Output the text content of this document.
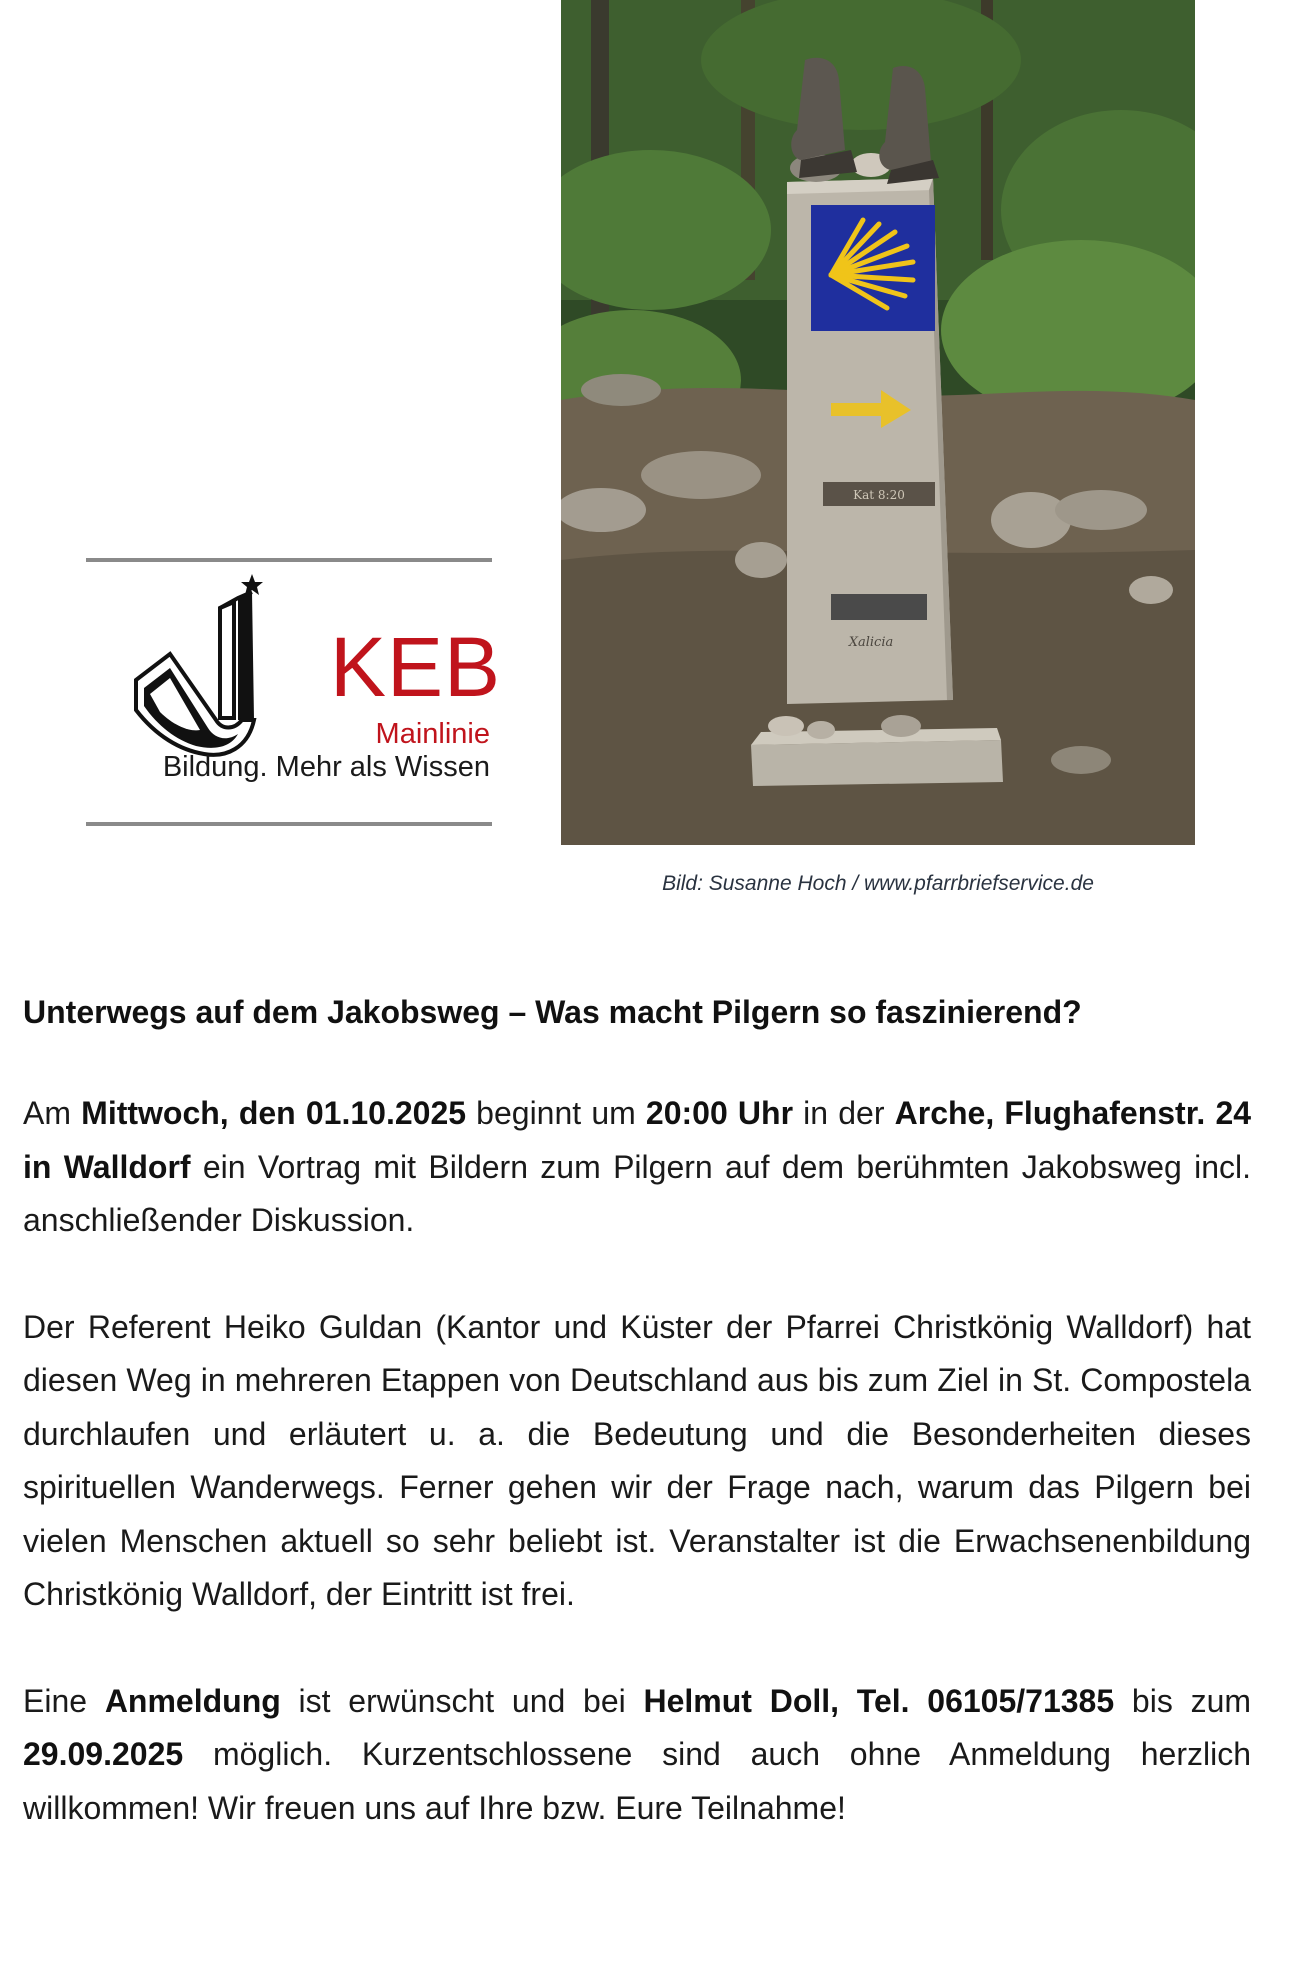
KEB
Mainlinie
Bildung. Mehr als Wissen
Kat 8:20
Xalicia
Bild: Susanne Hoch / www.pfarrbriefservice.de
Unterwegs auf dem Jakobsweg – Was macht Pilgern so faszinierend?

Am Mittwoch, den 01.10.2025 beginnt um 20:00 Uhr in der Arche, Flughafenstr. 24 in Walldorf ein Vortrag mit Bildern zum Pilgern auf dem berühmten Jakobsweg incl. anschließender Diskussion.

Der Referent Heiko Guldan (Kantor und Küster der Pfarrei Christkönig Walldorf) hat diesen Weg in mehreren Etappen von Deutschland aus bis zum Ziel in St. Compostela durchlaufen und erläutert u. a. die Bedeutung und die Besonderheiten dieses spirituellen Wanderwegs. Ferner gehen wir der Frage nach, warum das Pilgern bei vielen Menschen aktuell so sehr beliebt ist. Veranstalter ist die Erwachsenenbildung Christkönig Walldorf, der Eintritt ist frei.

Eine Anmeldung ist erwünscht und bei Helmut Doll, Tel. 06105/71385 bis zum 29.09.2025 möglich. Kurzentschlossene sind auch ohne Anmeldung herzlich willkommen! Wir freuen uns auf Ihre bzw. Eure Teilnahme!
